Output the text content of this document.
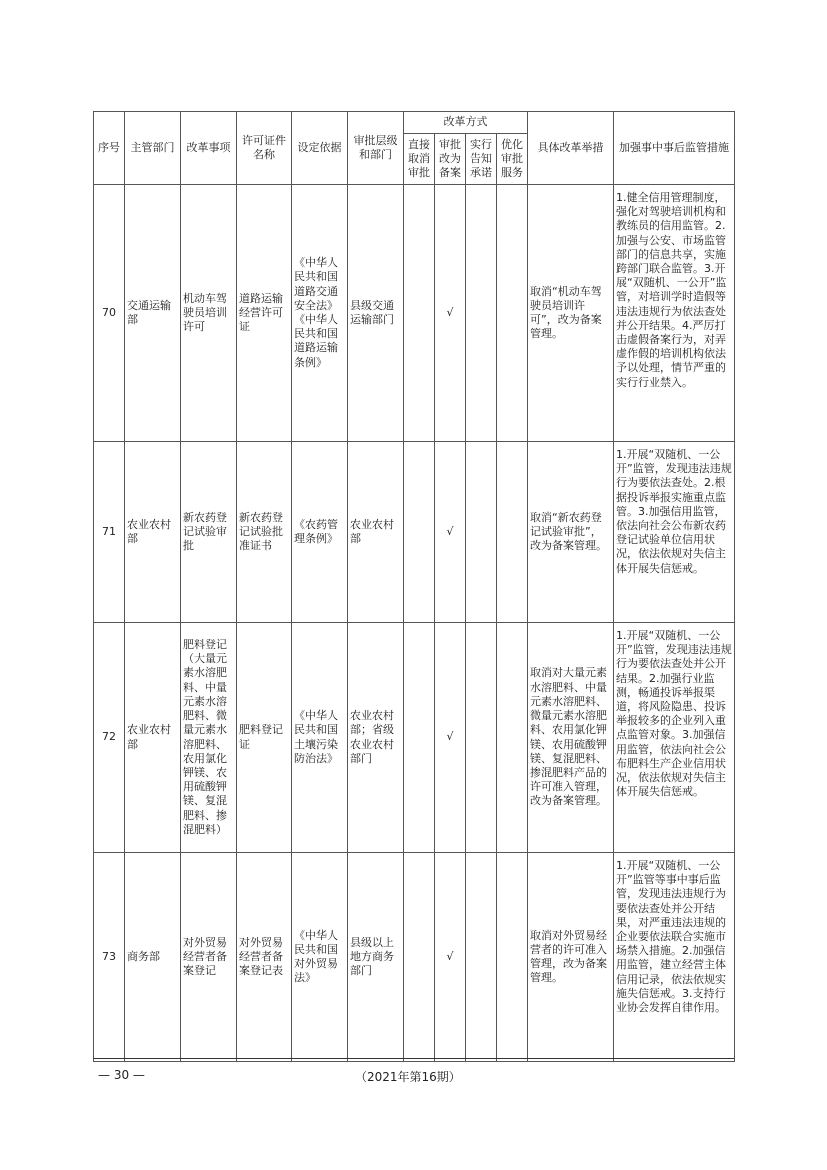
序号	主管部门	改革事项	许可证件名称	设定依据	审批层级和部门	改革方式				具体改革举措	加强事中事后监管措施
						直接取消审批	审批改为备案	实行告知承诺	优化审批服务		
70	交通运输部	机动车驾驶员培训许可	道路运输经营许可证	《中华人民共和国道路交通安全法》《中华人民共和国道路运输条例》	县级交通运输部门		√			取消“机动车驾驶员培训许可”，改为备案管理。	1.健全信用管理制度，强化对驾驶培训机构和教练员的信用监管。2.加强与公安、市场监管部门的信息共享，实施跨部门联合监管。3.开展“双随机、一公开”监管，对培训学时造假等违法违规行为依法查处并公开结果。4.严厉打击虚假备案行为，对弄虚作假的培训机构依法予以处理，情节严重的实行行业禁入。
71	农业农村部	新农药登记试验审批	新农药登记试验批准证书	《农药管理条例》	农业农村部		√			取消“新农药登记试验审批”，改为备案管理。	1.开展“双随机、一公开”监管，发现违法违规行为要依法查处。2.根据投诉举报实施重点监管。3.加强信用监管，依法向社会公布新农药登记试验单位信用状况，依法依规对失信主体开展失信惩戒。
72	农业农村部	肥料登记（大量元素水溶肥料、中量元素水溶肥料、微量元素水溶肥料、农用氯化钾镁、农用硫酸钾镁、复混肥料、掺混肥料）	肥料登记证	《中华人民共和国土壤污染防治法》	农业农村部；省级农业农村部门		√			取消对大量元素水溶肥料、中量元素水溶肥料、微量元素水溶肥料、农用氯化钾镁、农用硫酸钾镁、复混肥料、掺混肥料产品的许可准入管理，改为备案管理。	1.开展“双随机、一公开”监管，发现违法违规行为要依法查处并公开结果。2.加强行业监测，畅通投诉举报渠道，将风险隐患、投诉举报较多的企业列入重点监管对象。3.加强信用监管，依法向社会公布肥料生产企业信用状况，依法依规对失信主体开展失信惩戒。
73	商务部	对外贸易经营者备案登记	对外贸易经营者备案登记表	《中华人民共和国对外贸易法》	县级以上地方商务部门		√			取消对外贸易经营者的许可准入管理，改为备案管理。	1.开展“双随机、一公开”监管等事中事后监管，发现违法违规行为要依法查处并公开结果，对严重违法违规的企业要依法联合实施市场禁入措施。2.加强信用监管，建立经营主体信用记录，依法依规实施失信惩戒。3.支持行业协会发挥自律作用。
— 30 —	（2021年第16期）
